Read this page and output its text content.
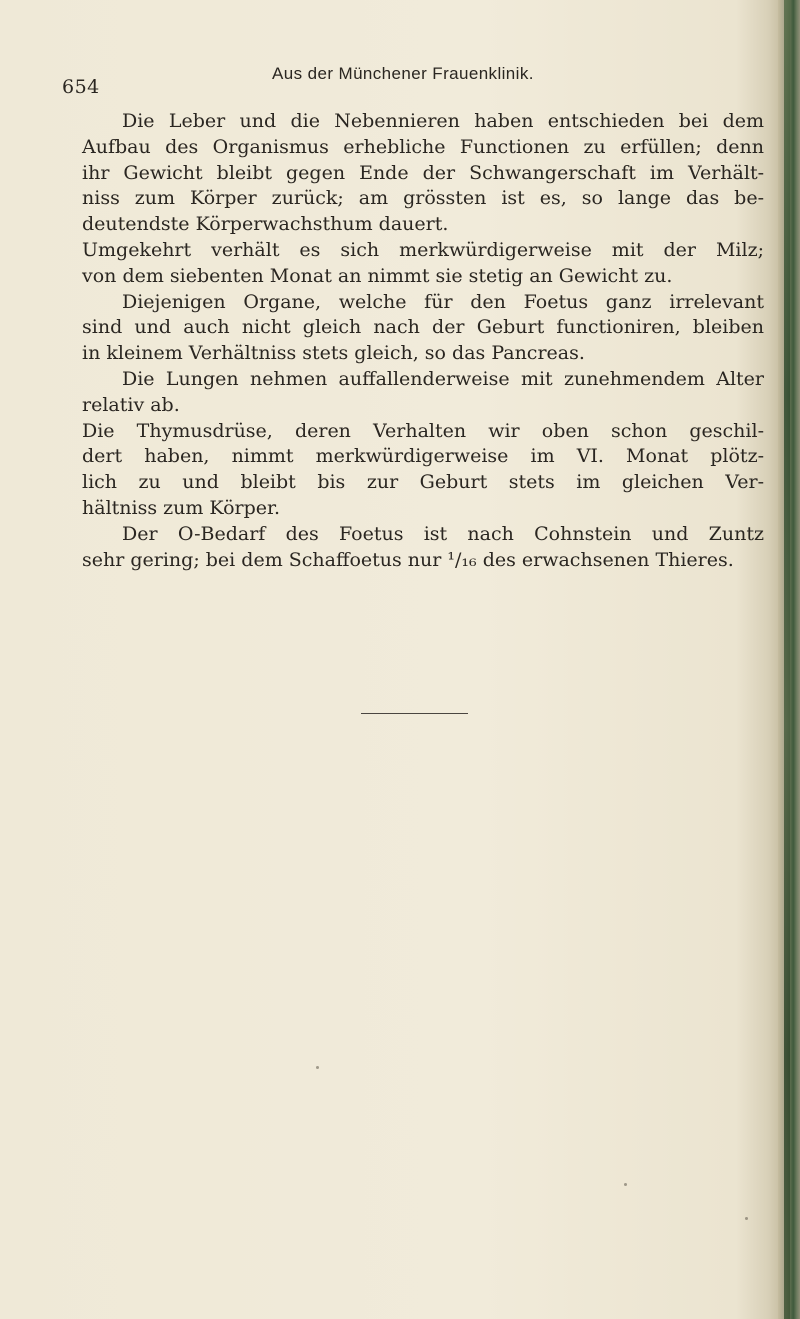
654
Aus der Münchener Frauenklinik.
Die Leber und die Nebennieren haben entschieden bei dem
Aufbau des Organismus erhebliche Functionen zu erfüllen; denn
ihr Gewicht bleibt gegen Ende der Schwangerschaft im Verhält-
niss zum Körper zurück; am grössten ist es, so lange das be-
deutendste Körperwachsthum dauert.
Umgekehrt verhält es sich merkwürdigerweise mit der Milz;
von dem siebenten Monat an nimmt sie stetig an Gewicht zu.
Diejenigen Organe, welche für den Foetus ganz irrelevant
sind und auch nicht gleich nach der Geburt functioniren, bleiben
in kleinem Verhältniss stets gleich, so das Pancreas.
Die Lungen nehmen auffallenderweise mit zunehmendem Alter
relativ ab.
Die Thymusdrüse, deren Verhalten wir oben schon geschil-
dert haben, nimmt merkwürdigerweise im VI. Monat plötz-
lich zu und bleibt bis zur Geburt stets im gleichen Ver-
hältniss zum Körper.
Der O-Bedarf des Foetus ist nach Cohnstein und Zuntz
sehr gering; bei dem Schaffoetus nur ¹/₁₆ des erwachsenen Thieres.
